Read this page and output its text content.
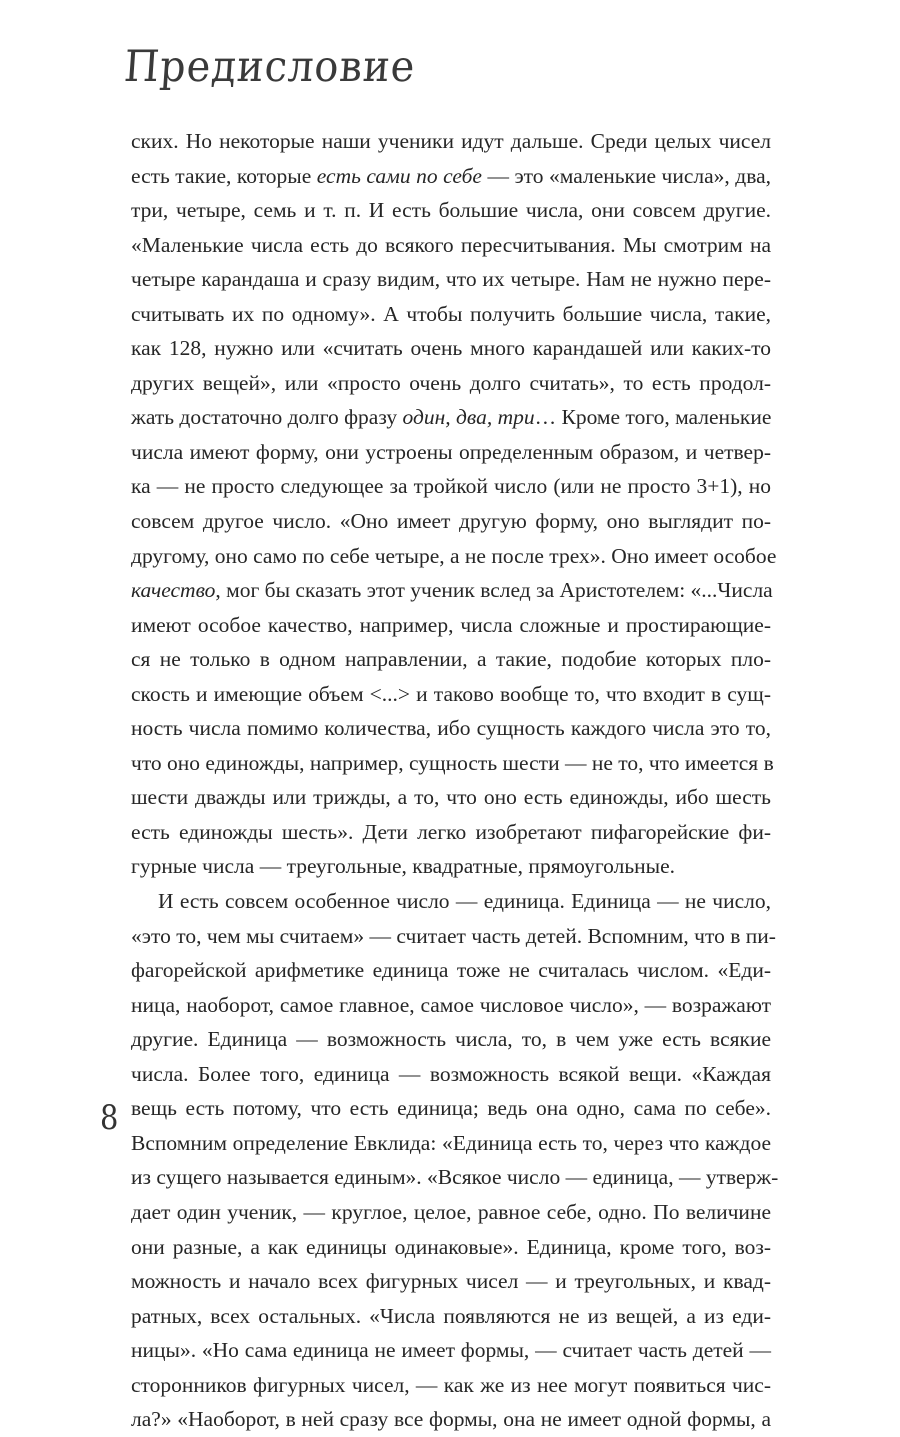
Предисловие
ских. Но некоторые наши ученики идут дальше. Среди целых чисел
есть такие, которые есть сами по себе — это «маленькие числа», два,
три, четыре, семь и т. п. И есть большие числа, они совсем другие.
«Маленькие числа есть до всякого пересчитывания. Мы смотрим на
четыре карандаша и сразу видим, что их четыре. Нам не нужно пере-
считывать их по одному». А чтобы получить большие числа, такие,
как 128, нужно или «считать очень много карандашей или каких-то
других вещей», или «просто очень долго считать», то есть продол-
жать достаточно долго фразу один, два, три… Кроме того, маленькие
числа имеют форму, они устроены определенным образом, и четвер-
ка — не просто следующее за тройкой число (или не просто 3+1), но
совсем другое число. «Оно имеет другую форму, оно выглядит по-
другому, оно само по себе четыре, а не после трех». Оно имеет особое
качество, мог бы сказать этот ученик вслед за Аристотелем: «...Числа
имеют особое качество, например, числа сложные и простирающие-
ся не только в одном направлении, а такие, подобие которых пло-
скость и имеющие объем <...> и таково вообще то, что входит в сущ-
ность числа помимо количества, ибо сущность каждого числа это то,
что оно единожды, например, сущность шести — не то, что имеется в
шести дважды или трижды, а то, что оно есть единожды, ибо шесть
есть единожды шесть». Дети легко изобретают пифагорейские фи-
гурные числа — треугольные, квадратные, прямоугольные.
И есть совсем особенное число — единица. Единица — не число,
«это то, чем мы считаем» — считает часть детей. Вспомним, что в пи-
фагорейской арифметике единица тоже не считалась числом. «Еди-
ница, наоборот, самое главное, самое числовое число», — возражают
другие. Единица — возможность числа, то, в чем уже есть всякие
числа. Более того, единица — возможность всякой вещи. «Каждая
вещь есть потому, что есть единица; ведь она одно, сама по себе».
Вспомним определение Евклида: «Единица есть то, через что каждое
из сущего называется единым». «Всякое число — единица, — утверж-
дает один ученик, — круглое, целое, равное себе, одно. По величине
они разные, а как единицы одинаковые». Единица, кроме того, воз-
можность и начало всех фигурных чисел — и треугольных, и квад-
ратных, всех остальных. «Числа появляются не из вещей, а из еди-
ницы». «Но сама единица не имеет формы, — считает часть детей —
сторонников фигурных чисел, — как же из нее могут появиться чис-
ла?» «Наоборот, в ней сразу все формы, она не имеет одной формы, а
8
